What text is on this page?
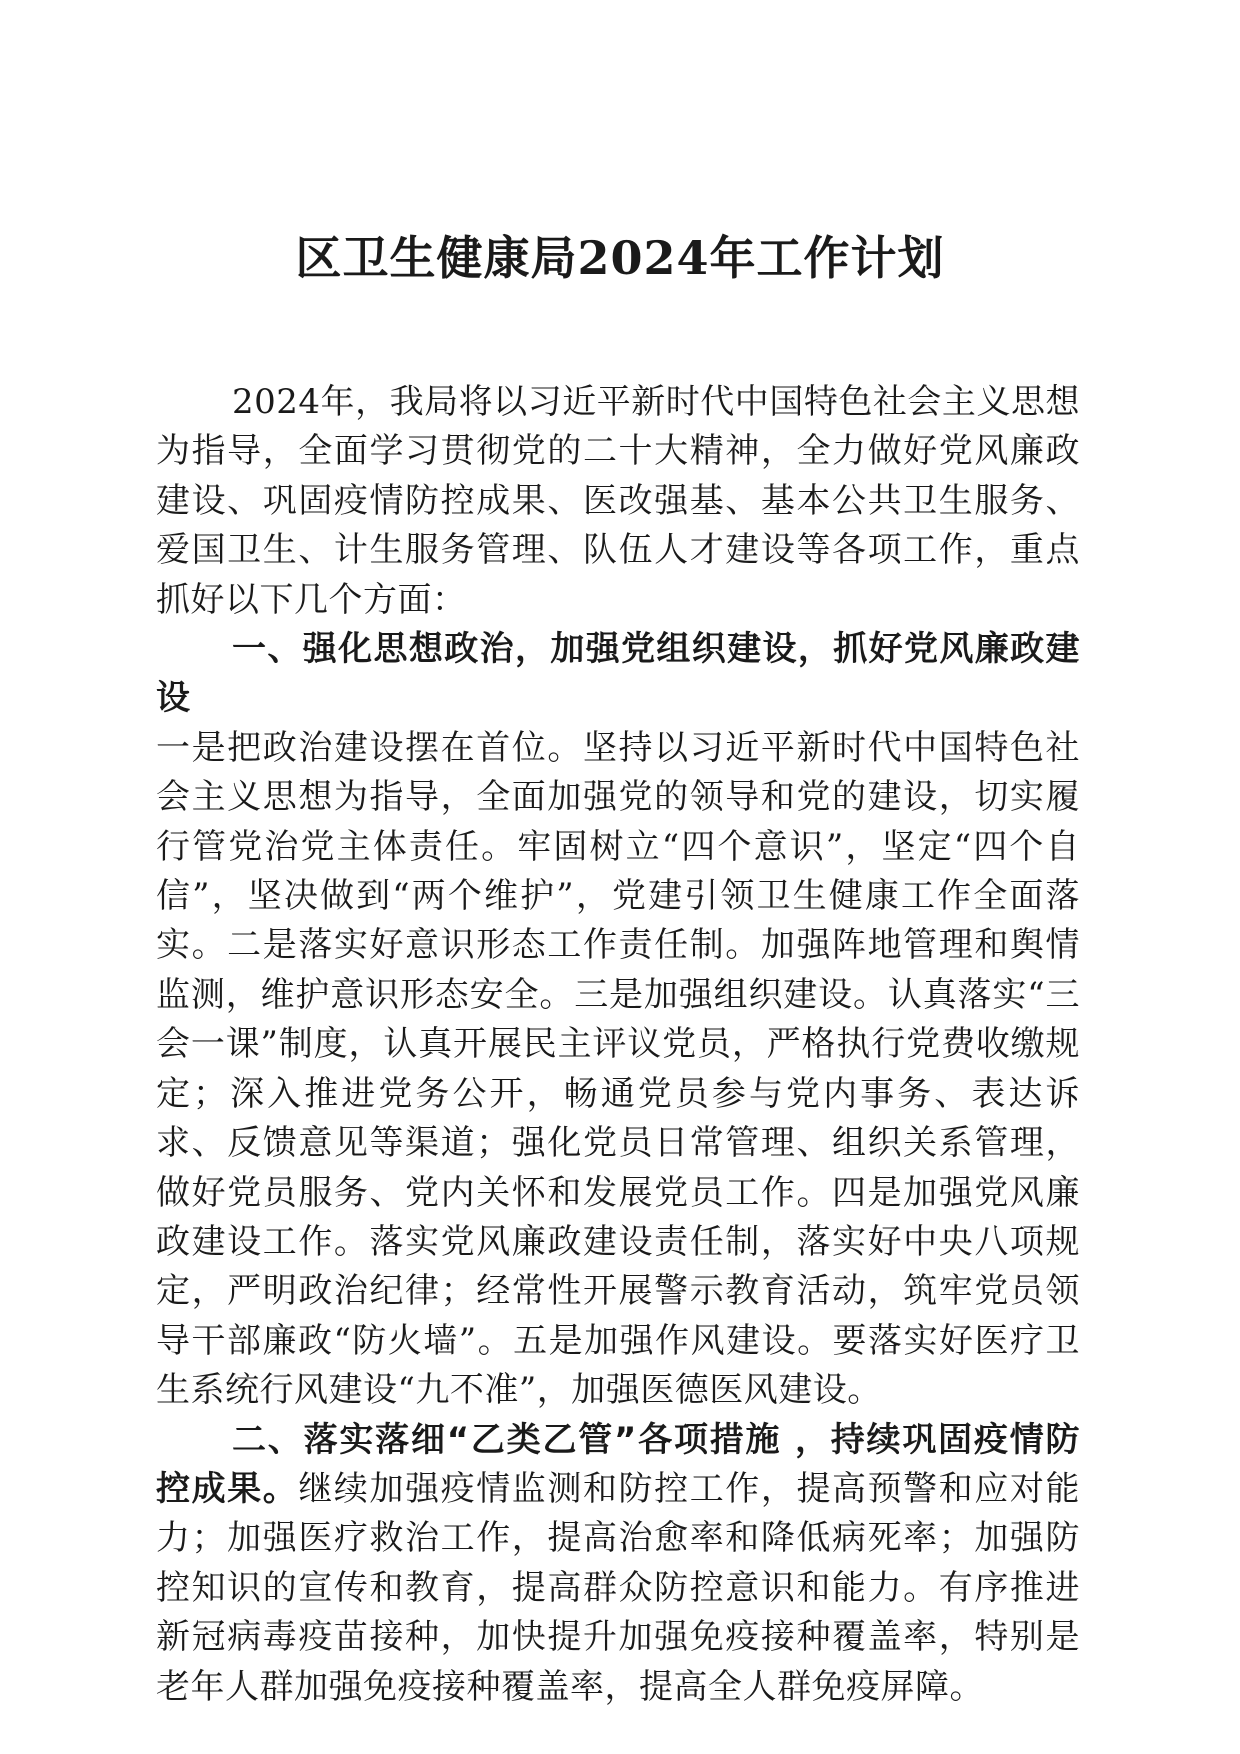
区卫生健康局2024年工作计划

2024年，我局将以习近平新时代中国特色社会主义思想为指导，全面学习贯彻党的二十大精神，全力做好党风廉政建设、巩固疫情防控成果、医改强基、基本公共卫生服务、爱国卫生、计生服务管理、队伍人才建设等各项工作，重点抓好以下几个方面：

一、强化思想政治，加强党组织建设，抓好党风廉政建设

一是把政治建设摆在首位。坚持以习近平新时代中国特色社会主义思想为指导，全面加强党的领导和党的建设，切实履行管党治党主体责任。牢固树立“四个意识”，坚定“四个自信”，坚决做到“两个维护”，党建引领卫生健康工作全面落实。二是落实好意识形态工作责任制。加强阵地管理和舆情监测，维护意识形态安全。三是加强组织建设。认真落实“三会一课”制度，认真开展民主评议党员，严格执行党费收缴规定；深入推进党务公开，畅通党员参与党内事务、表达诉求、反馈意见等渠道；强化党员日常管理、组织关系管理，做好党员服务、党内关怀和发展党员工作。四是加强党风廉政建设工作。落实党风廉政建设责任制，落实好中央八项规定，严明政治纪律；经常性开展警示教育活动，筑牢党员领导干部廉政“防火墙”。五是加强作风建设。要落实好医疗卫生系统行风建设“九不准”，加强医德医风建设。

二、落实落细“乙类乙管”各项措施 ，持续巩固疫情防控成果。继续加强疫情监测和防控工作，提高预警和应对能力；加强医疗救治工作，提高治愈率和降低病死率；加强防控知识的宣传和教育，提高群众防控意识和能力。有序推进新冠病毒疫苗接种，加快提升加强免疫接种覆盖率，特别是老年人群加强免疫接种覆盖率，提高全人群免疫屏障。
